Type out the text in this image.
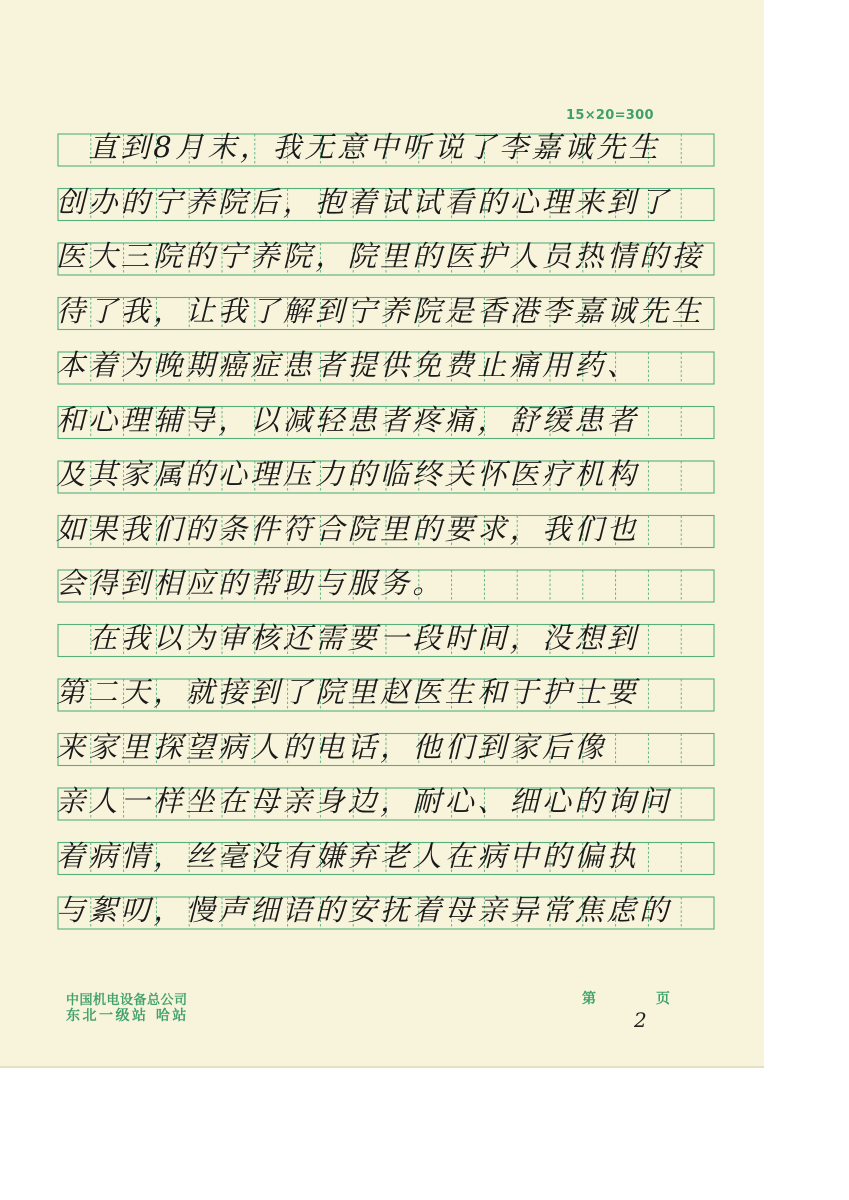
15×20=300
　直到8月末，我无意中听说了李嘉诚先生
创办的宁养院后，抱着试试看的心理来到了
医大三院的宁养院，院里的医护人员热情的接
待了我，让我了解到宁养院是香港李嘉诚先生
本着为晚期癌症患者提供免费止痛用药、
和心理辅导，以减轻患者疼痛，舒缓患者
及其家属的心理压力的临终关怀医疗机构
如果我们的条件符合院里的要求，我们也
会得到相应的帮助与服务。
　在我以为审核还需要一段时间，没想到
第二天，就接到了院里赵医生和于护士要
来家里探望病人的电话，他们到家后像
亲人一样坐在母亲身边，耐心、细心的询问
着病情，丝毫没有嫌弃老人在病中的偏执
与絮叨，慢声细语的安抚着母亲异常焦虑的
中国机电设备总公司
东北一级站 哈站
第	页
2
